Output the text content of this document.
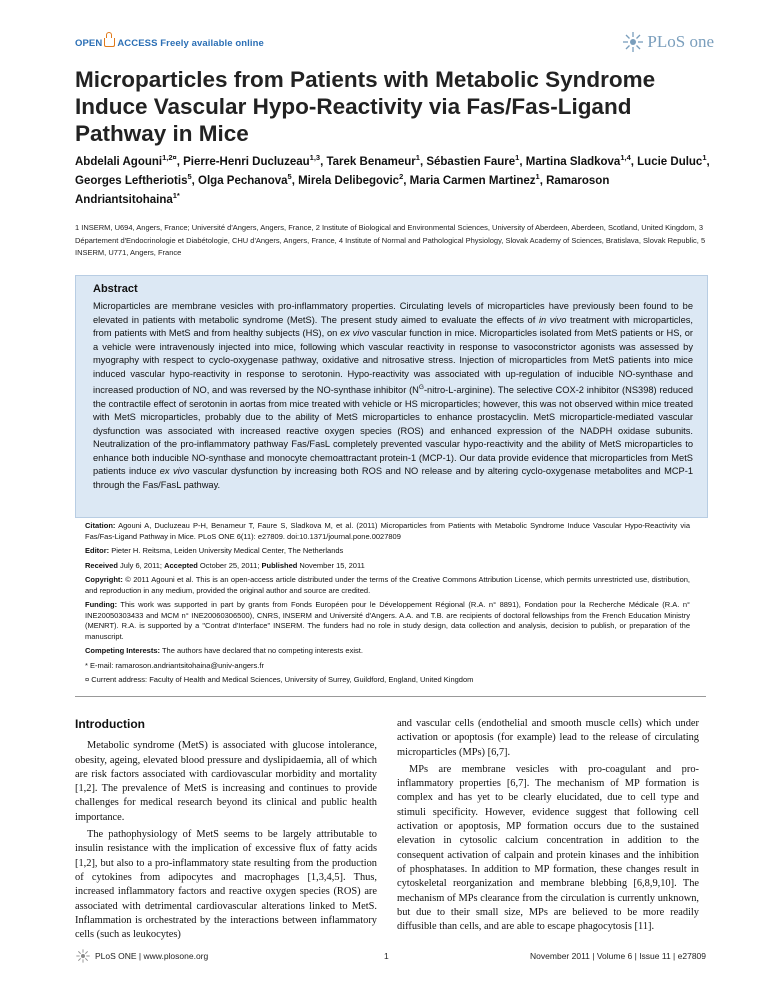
OPEN ACCESS Freely available online	PLoS one
Microparticles from Patients with Metabolic Syndrome Induce Vascular Hypo-Reactivity via Fas/Fas-Ligand Pathway in Mice

Abdelali Agouni$^{1,2¤}$, Pierre-Henri Ducluzeau$^{1,3}$, Tarek Benameur$^1$, Sébastien Faure$^1$, Martina Sladkova$^{1,4}$, Lucie Duluc$^1$, Georges Leftheriotis$^5$, Olga Pechanova$^5$, Mirela Delibegovic$^2$, Maria Carmen Martinez$^1$, Ramaroson Andriantsitohaina$^{1*}$

1 INSERM, U694, Angers, France; Université d'Angers, Angers, France, 2 Institute of Biological and Environmental Sciences, University of Aberdeen, Aberdeen, Scotland, United Kingdom, 3 Département d'Endocrinologie et Diabétologie, CHU d'Angers, Angers, France, 4 Institute of Normal and Pathological Physiology, Slovak Academy of Sciences, Bratislava, Slovak Republic, 5 INSERM, U771, Angers, France

Abstract

Microparticles are membrane vesicles with pro-inflammatory properties. Circulating levels of microparticles have previously been found to be elevated in patients with metabolic syndrome (MetS). The present study aimed to evaluate the effects of in vivo treatment with microparticles, from patients with MetS and from healthy subjects (HS), on ex vivo vascular function in mice. Microparticles isolated from MetS patients or HS, or a vehicle were intravenously injected into mice, following which vascular reactivity in response to vasoconstrictor agonists was assessed by myography with respect to cyclo-oxygenase pathway, oxidative and nitrosative stress. Injection of microparticles from MetS patients into mice induced vascular hypo-reactivity in response to serotonin. Hypo-reactivity was associated with up-regulation of inducible NO-synthase and increased production of NO, and was reversed by the NO-synthase inhibitor $(N^G-nitro-L-arginine)$. The selective COX-2 inhibitor (NS398) reduced the contractile effect of serotonin in aortas from mice treated with vehicle or HS microparticles; however, this was not observed within mice treated with MetS microparticles, probably due to the ability of MetS microparticles to enhance prostacyclin. MetS microparticle-mediated vascular dysfunction was associated with increased reactive oxygen species (ROS) and enhanced expression of the NADPH oxidase subunits. Neutralization of the pro-inflammatory pathway Fas/FasL completely prevented vascular hypo-reactivity and the ability of MetS microparticles to enhance both inducible NO-synthase and monocyte chemoattractant protein-1 (MCP-1). Our data provide evidence that microparticles from MetS patients induce ex vivo vascular dysfunction by increasing both ROS and NO release and by altering cyclo-oxygenase metabolites and MCP-1 through the Fas/FasL pathway.

Citation: Agouni A, Ducluzeau P-H, Benameur T, Faure S, Sladkova M, et al. (2011) Microparticles from Patients with Metabolic Syndrome Induce Vascular Hypo-Reactivity via Fas/Fas-Ligand Pathway in Mice. PLoS ONE 6(11): e27809. doi:10.1371/journal.pone.0027809

Editor: Pieter H. Reitsma, Leiden University Medical Center, The Netherlands

Received July 6, 2011; Accepted October 25, 2011; Published November 15, 2011

Copyright: © 2011 Agouni et al. This is an open-access article distributed under the terms of the Creative Commons Attribution License, which permits unrestricted use, distribution, and reproduction in any medium, provided the original author and source are credited.

Funding: This work was supported in part by grants from Fonds Européen pour le Développement Régional (R.A. n° 8891), Fondation pour la Recherche Médicale (R.A. n° INE20050303433 and MCM n° INE20060306500), CNRS, INSERM and Université d'Angers. A.A. and T.B. are recipients of doctoral fellowships from the French Education Ministry (MENRT). R.A. is supported by a "Contrat d'Interface" INSERM. The funders had no role in study design, data collection and analysis, decision to publish, or preparation of the manuscript.

Competing Interests: The authors have declared that no competing interests exist.

* E-mail: ramaroson.andriantsitohaina@univ-angers.fr

¤ Current address: Faculty of Health and Medical Sciences, University of Surrey, Guildford, England, United Kingdom

Introduction

Metabolic syndrome (MetS) is associated with glucose intolerance, obesity, ageing, elevated blood pressure and dyslipidaemia, all of which are risk factors associated with cardiovascular morbidity and mortality [1,2]. The prevalence of MetS is increasing and continues to provide challenges for medical research beyond its clinical and public health importance.

The pathophysiology of MetS seems to be largely attributable to insulin resistance with the implication of excessive flux of fatty acids [1,2], but also to a pro-inflammatory state resulting from the production of cytokines from adipocytes and macrophages [1,3,4,5]. Thus, increased inflammatory factors and reactive oxygen species (ROS) are associated with detrimental cardiovascular alterations linked to MetS. Inflammation is orchestrated by the interactions between inflammatory cells (such as leukocytes)

and vascular cells (endothelial and smooth muscle cells) which under activation or apoptosis (for example) lead to the release of circulating microparticles (MPs) [6,7].

MPs are membrane vesicles with pro-coagulant and pro-inflammatory properties [6,7]. The mechanism of MP formation is complex and has yet to be clearly elucidated, due to cell type and stimuli specificity. However, evidence suggest that following cell activation or apoptosis, MP formation occurs due to the sustained elevation in cytosolic calcium concentration in addition to the consequent activation of calpain and protein kinases and the inhibition of phosphatases. In addition to MP formation, these changes result in cytoskeletal reorganization and membrane blebbing [6,8,9,10]. The mechanism of MPs clearance from the circulation is currently unknown, but due to their small size, MPs are believed to be more readily diffusible than cells, and are able to escape phagocytosis [11].

PLoS ONE | www.plosone.org	1	November 2011 | Volume 6 | Issue 11 | e27809
